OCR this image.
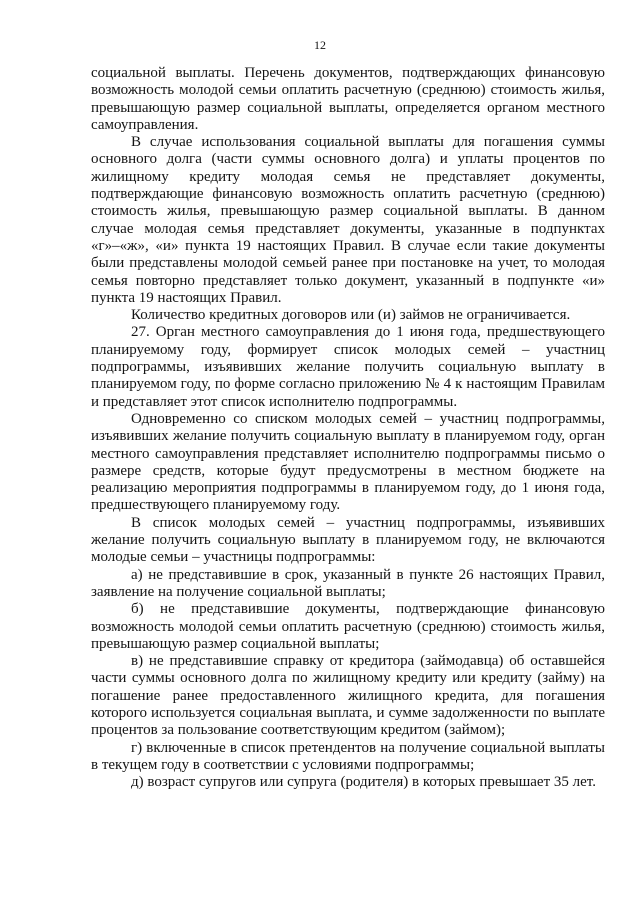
12

социальной выплаты. Перечень документов, подтверждающих финансовую возможность молодой семьи оплатить расчетную (среднюю) стоимость жилья, превышающую размер социальной выплаты, определяется органом местного самоуправления.

В случае использования социальной выплаты для погашения суммы основного долга (части суммы основного долга) и уплаты процентов по жилищному кредиту молодая семья не представляет документы, подтверждающие финансовую возможность оплатить расчетную (среднюю) стоимость жилья, превышающую размер социальной выплаты. В данном случае молодая семья представляет документы, указанные в подпунктах «г»–«ж», «и» пункта 19 настоящих Правил. В случае если такие документы были представлены молодой семьей ранее при постановке на учет, то молодая семья повторно представляет только документ, указанный в подпункте «и» пункта 19 настоящих Правил.

Количество кредитных договоров или (и) займов не ограничивается.

27. Орган местного самоуправления до 1 июня года, предшествующего планируемому году, формирует список молодых семей – участниц подпрограммы, изъявивших желание получить социальную выплату в планируемом году, по форме согласно приложению № 4 к настоящим Правилам и представляет этот список исполнителю подпрограммы.

Одновременно со списком молодых семей – участниц подпрограммы, изъявивших желание получить социальную выплату в планируемом году, орган местного самоуправления представляет исполнителю подпрограммы письмо о размере средств, которые будут предусмотрены в местном бюджете на реализацию мероприятия подпрограммы в планируемом году, до 1 июня года, предшествующего планируемому году.

В список молодых семей – участниц подпрограммы, изъявивших желание получить социальную выплату в планируемом году, не включаются молодые семьи – участницы подпрограммы:

а) не представившие в срок, указанный в пункте 26 настоящих Правил, заявление на получение социальной выплаты;

б) не представившие документы, подтверждающие финансовую возможность молодой семьи оплатить расчетную (среднюю) стоимость жилья, превышающую размер социальной выплаты;

в) не представившие справку от кредитора (займодавца) об оставшейся части суммы основного долга по жилищному кредиту или кредиту (займу) на погашение ранее предоставленного жилищного кредита, для погашения которого используется социальная выплата, и сумме задолженности по выплате процентов за пользование соответствующим кредитом (займом);

г) включенные в список претендентов на получение социальной выплаты в текущем году в соответствии с условиями подпрограммы;

д) возраст супругов или супруга (родителя) в которых превышает 35 лет.
